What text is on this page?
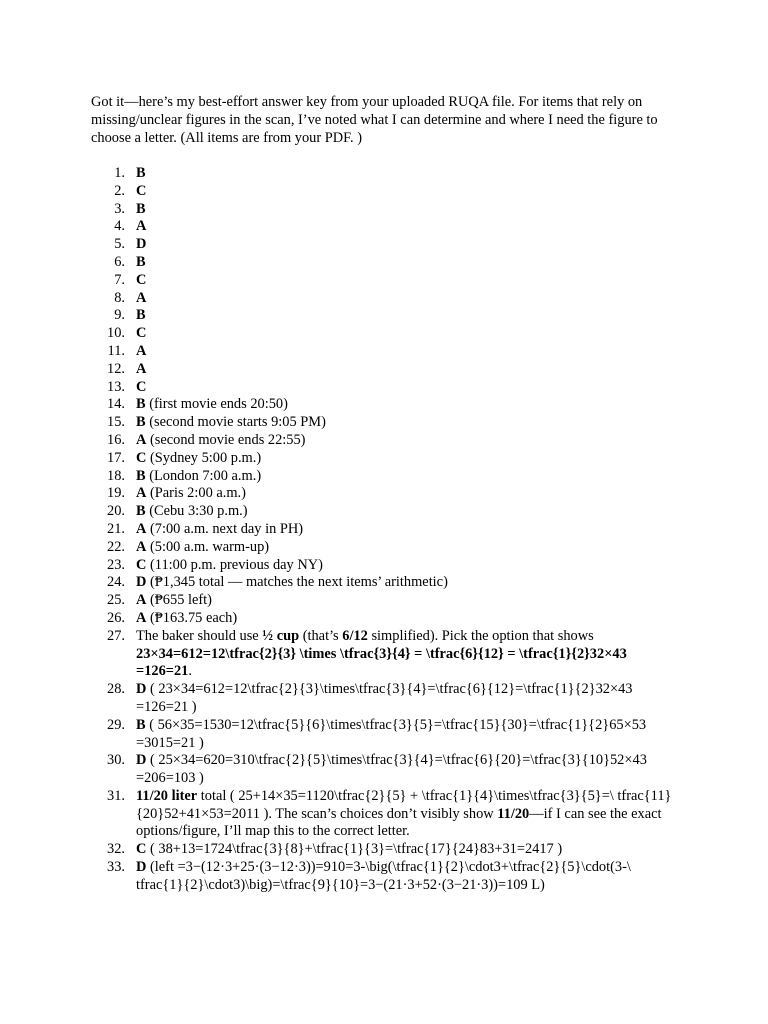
Got it—here’s my best-effort answer key from your uploaded RUQA file. For items that rely on missing/unclear figures in the scan, I’ve noted what I can determine and where I need the figure to choose a letter. (All items are from your PDF. )

1. B
2. C
3. B
4. A
5. D
6. B
7. C
8. A
9. B
10. C
11. A
12. A
13. C
14. B (first movie ends 20:50)
15. B (second movie starts 9:05 PM)
16. A (second movie ends 22:55)
17. C (Sydney 5:00 p.m.)
18. B (London 7:00 a.m.)
19. A (Paris 2:00 a.m.)
20. B (Cebu 3:30 p.m.)
21. A (7:00 a.m. next day in PH)
22. A (5:00 a.m. warm-up)
23. C (11:00 p.m. previous day NY)
24. D (₱1,345 total — matches the next items’ arithmetic)
25. A (₱655 left)
26. A (₱163.75 each)
27. The baker should use ½ cup (that’s 6/12 simplified). Pick the option that shows 23×34=612=12\tfrac{2}{3} \times \tfrac{3}{4} = \tfrac{6}{12} = \tfrac{1}{2}32×43 =126=21.
28. D ( 23×34=612=12\tfrac{2}{3}\times\tfrac{3}{4}=\tfrac{6}{12}=\tfrac{1}{2}32×43 =126=21 )
29. B ( 56×35=1530=12\tfrac{5}{6}\times\tfrac{3}{5}=\tfrac{15}{30}=\tfrac{1}{2}65×53 =3015=21 )
30. D ( 25×34=620=310\tfrac{2}{5}\times\tfrac{3}{4}=\tfrac{6}{20}=\tfrac{3}{10}52×43 =206=103 )
31. 11/20 liter total ( 25+14×35=1120\tfrac{2}{5} + \tfrac{1}{4}\times\tfrac{3}{5}=\ tfrac{11}{20}52+41×53=2011 ). The scan’s choices don’t visibly show 11/20—if I can see the exact options/figure, I’ll map this to the correct letter.
32. C ( 38+13=1724\tfrac{3}{8}+\tfrac{1}{3}=\tfrac{17}{24}83+31=2417 )
33. D (left =3−(12·3+25·(3−12·3))=910=3-\big(\tfrac{1}{2}\cdot3+\tfrac{2}{5}\cdot(3-\ tfrac{1}{2}\cdot3)\big)=\tfrac{9}{10}=3−(21·3+52·(3−21·3))=109 L)
